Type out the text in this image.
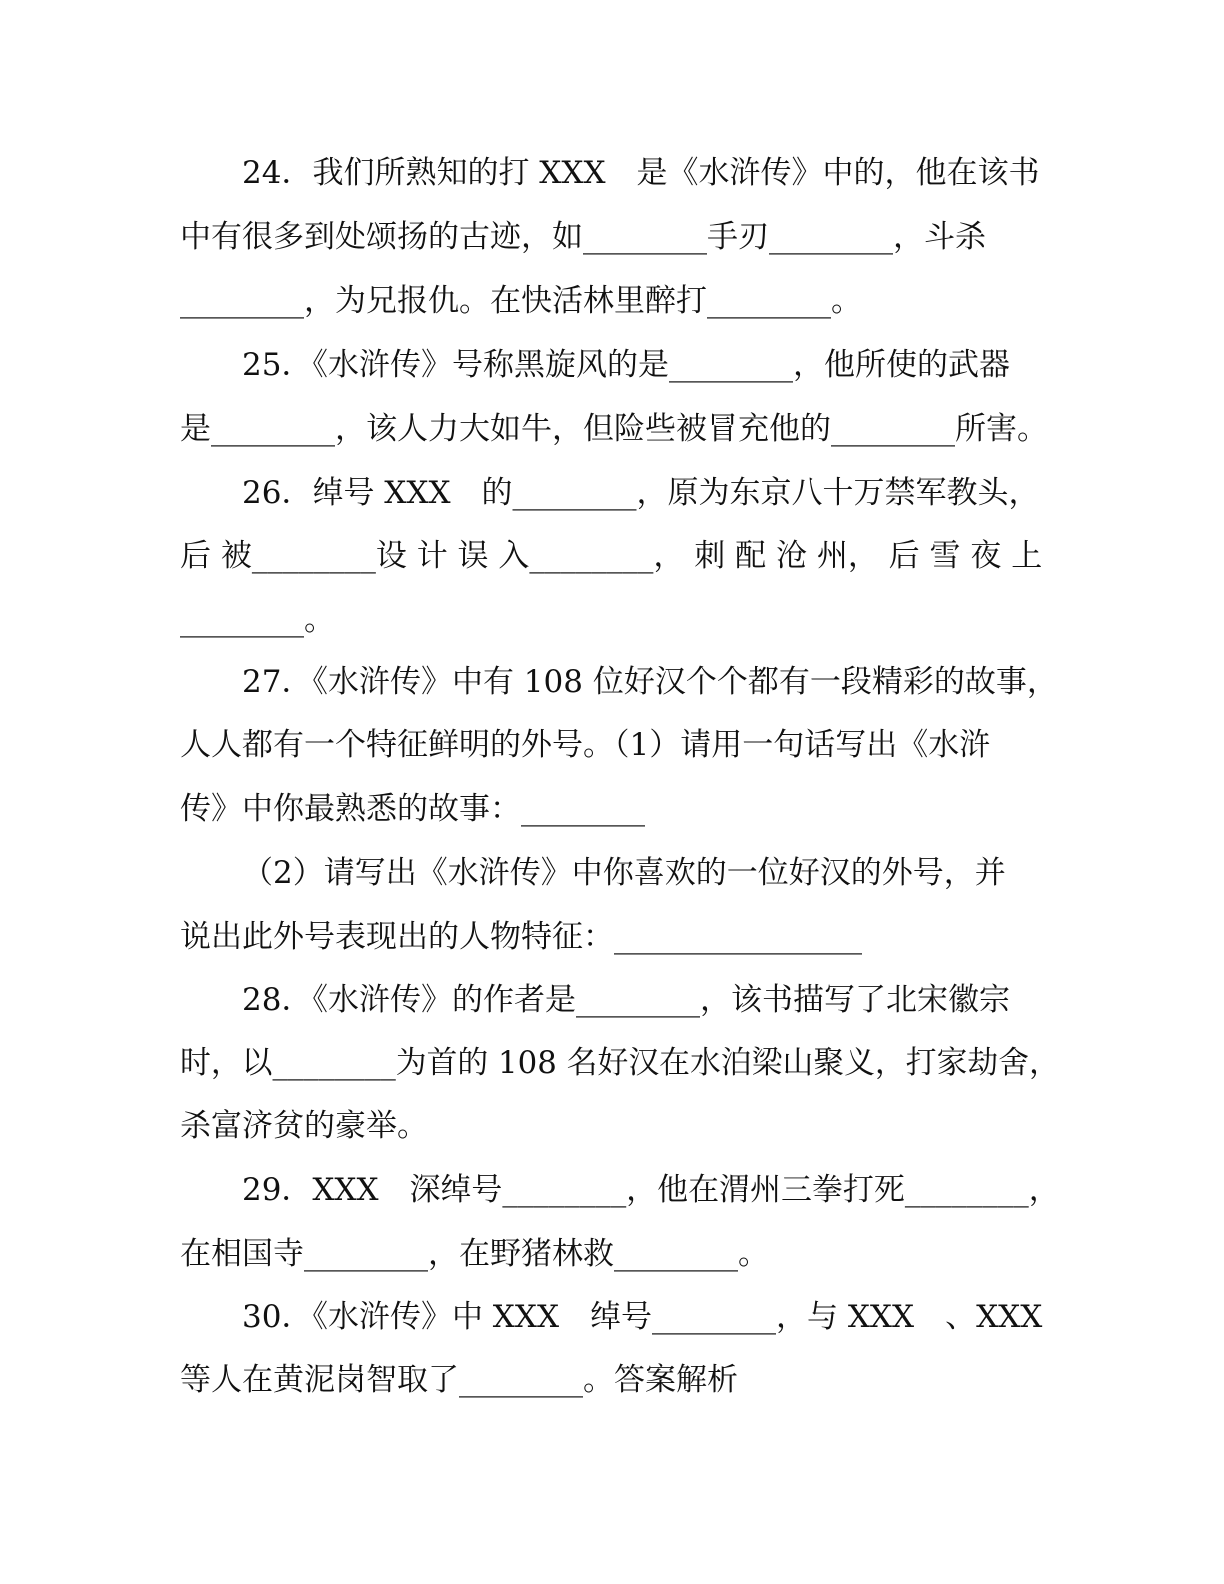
24．我们所熟知的打 XXX　是《水浒传》中的，他在该书
中有很多到处颂扬的古迹，如________手刃________，斗杀
________，为兄报仇。在快活林里醉打________。
25．《水浒传》号称黑旋风的是________，他所使的武器
是________，该人力大如牛，但险些被冒充他的________所害。
26．绰号 XXX　的________，原为东京八十万禁军教头，
后 被________设 计 误 入________， 刺 配 沧 州， 后 雪 夜 上
________。
27．《水浒传》中有 108 位好汉个个都有一段精彩的故事，
人人都有一个特征鲜明的外号。（1）请用一句话写出《水浒
传》中你最熟悉的故事：________
（2）请写出《水浒传》中你喜欢的一位好汉的外号，并
说出此外号表现出的人物特征：________________
28．《水浒传》的作者是________，该书描写了北宋徽宗
时，以________为首的 108 名好汉在水泊梁山聚义，打家劫舍，
杀富济贫的豪举。
29．XXX　深绰号________，他在渭州三拳打死________，
在相国寺________，在野猪林救________。
30．《水浒传》中 XXX　绰号________，与 XXX　、XXX
等人在黄泥岗智取了________。答案解析
